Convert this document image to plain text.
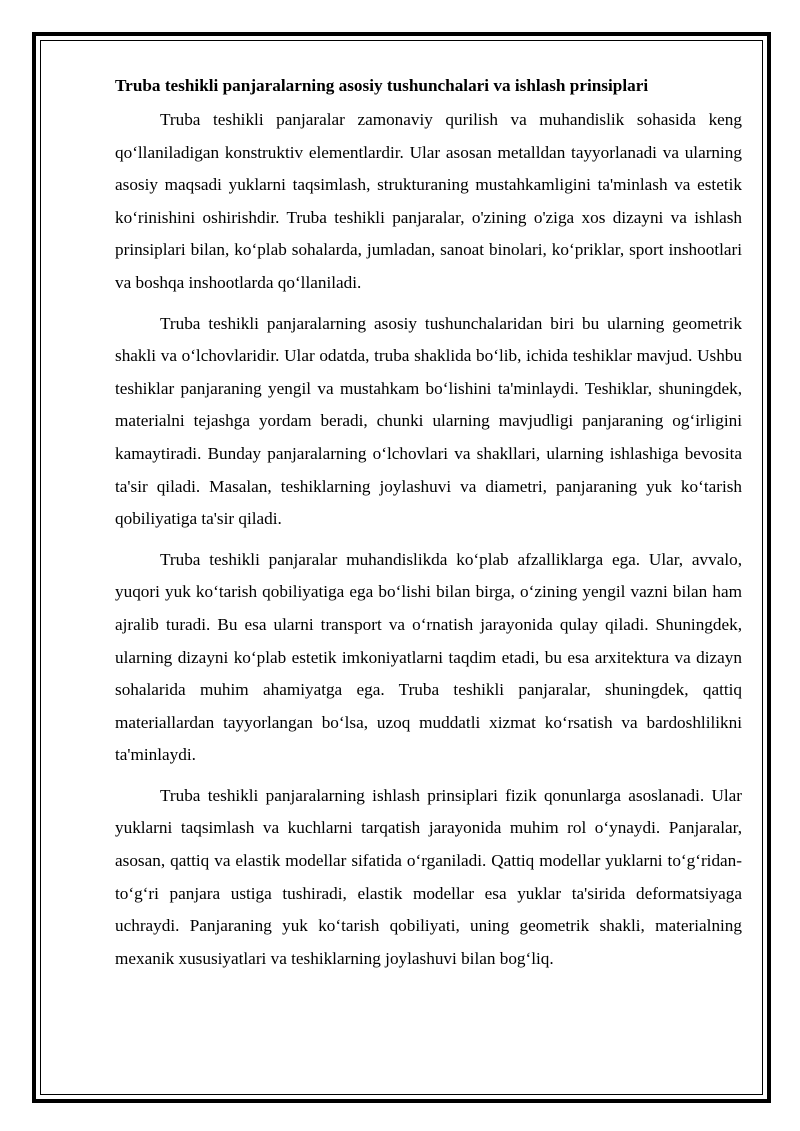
Truba teshikli panjaralarning asosiy tushunchalari va ishlash prinsiplari

Truba teshikli panjaralar zamonaviy qurilish va muhandislik sohasida keng qo‘llaniladigan konstruktiv elementlardir. Ular asosan metalldan tayyorlanadi va ularning asosiy maqsadi yuklarni taqsimlash, strukturaning mustahkamligini ta'minlash va estetik ko‘rinishini oshirishdir. Truba teshikli panjaralar, o'zining o'ziga xos dizayni va ishlash prinsiplari bilan, ko‘plab sohalarda, jumladan, sanoat binolari, ko‘priklar, sport inshootlari va boshqa inshootlarda qo‘llaniladi.

Truba teshikli panjaralarning asosiy tushunchalaridan biri bu ularning geometrik shakli va o‘lchovlaridir. Ular odatda, truba shaklida bo‘lib, ichida teshiklar mavjud. Ushbu teshiklar panjaraning yengil va mustahkam bo‘lishini ta'minlaydi. Teshiklar, shuningdek, materialni tejashga yordam beradi, chunki ularning mavjudligi panjaraning og‘irligini kamaytiradi. Bunday panjaralarning o‘lchovlari va shakllari, ularning ishlashiga bevosita ta'sir qiladi. Masalan, teshiklarning joylashuvi va diametri, panjaraning yuk ko‘tarish qobiliyatiga ta'sir qiladi.

Truba teshikli panjaralar muhandislikda ko‘plab afzalliklarga ega. Ular, avvalo, yuqori yuk ko‘tarish qobiliyatiga ega bo‘lishi bilan birga, o‘zining yengil vazni bilan ham ajralib turadi. Bu esa ularni transport va o‘rnatish jarayonida qulay qiladi. Shuningdek, ularning dizayni ko‘plab estetik imkoniyatlarni taqdim etadi, bu esa arxitektura va dizayn sohalarida muhim ahamiyatga ega. Truba teshikli panjaralar, shuningdek, qattiq materiallardan tayyorlangan bo‘lsa, uzoq muddatli xizmat ko‘rsatish va bardoshlilikni ta'minlaydi.

Truba teshikli panjaralarning ishlash prinsiplari fizik qonunlarga asoslanadi. Ular yuklarni taqsimlash va kuchlarni tarqatish jarayonida muhim rol o‘ynaydi. Panjaralar, asosan, qattiq va elastik modellar sifatida o‘rganiladi. Qattiq modellar yuklarni to‘g‘ridan-to‘g‘ri panjara ustiga tushiradi, elastik modellar esa yuklar ta'sirida deformatsiyaga uchraydi. Panjaraning yuk ko‘tarish qobiliyati, uning geometrik shakli, materialning mexanik xususiyatlari va teshiklarning joylashuvi bilan bog‘liq.
